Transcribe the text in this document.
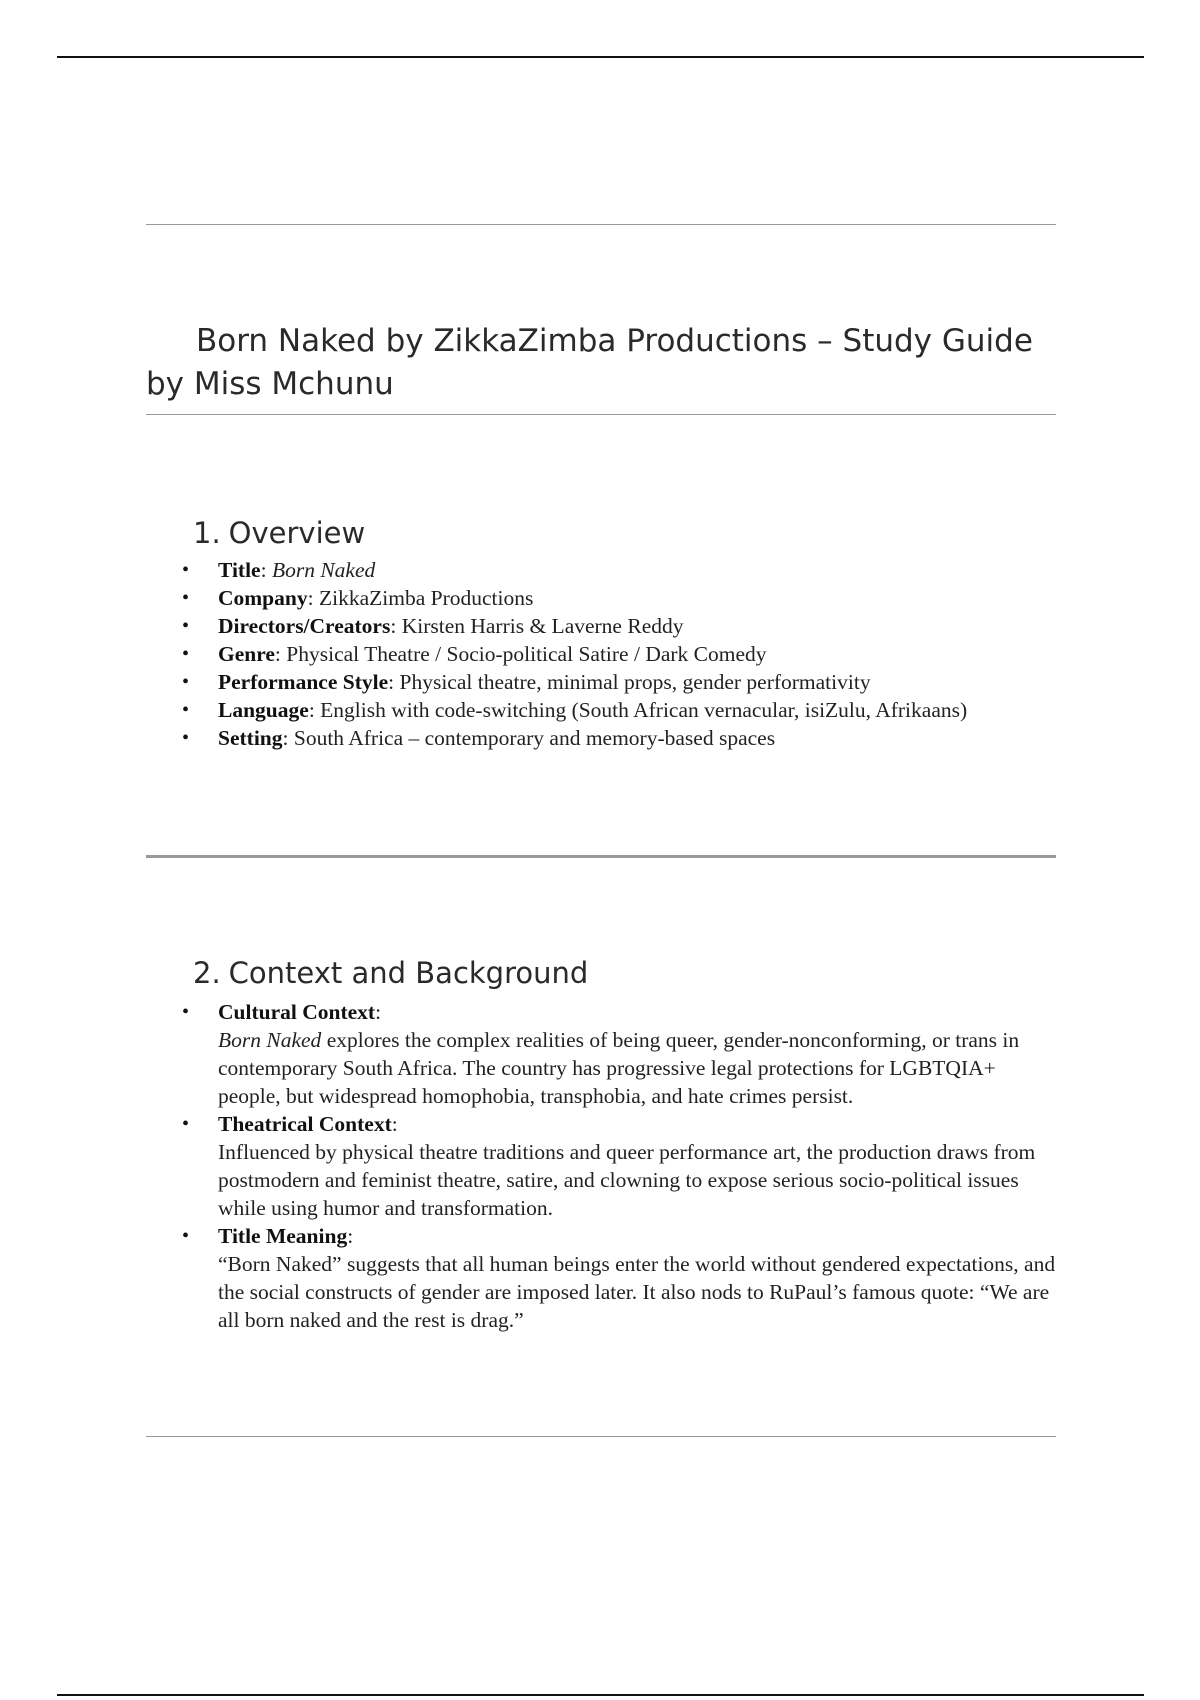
Born Naked by ZikkaZimba Productions – Study Guide by Miss Mchunu
1. Overview
• Title: Born Naked
• Company: ZikkaZimba Productions
• Directors/Creators: Kirsten Harris & Laverne Reddy
• Genre: Physical Theatre / Socio-political Satire / Dark Comedy
• Performance Style: Physical theatre, minimal props, gender performativity
• Language: English with code-switching (South African vernacular, isiZulu, Afrikaans)
• Setting: South Africa – contemporary and memory-based spaces
2. Context and Background
• Cultural Context:
Born Naked explores the complex realities of being queer, gender-nonconforming, or trans in contemporary South Africa. The country has progressive legal protections for LGBTQIA+ people, but widespread homophobia, transphobia, and hate crimes persist.
• Theatrical Context:
Influenced by physical theatre traditions and queer performance art, the production draws from postmodern and feminist theatre, satire, and clowning to expose serious socio-political issues while using humor and transformation.
• Title Meaning:
“Born Naked” suggests that all human beings enter the world without gendered expectations, and the social constructs of gender are imposed later. It also nods to RuPaul’s famous quote: “We are all born naked and the rest is drag.”
